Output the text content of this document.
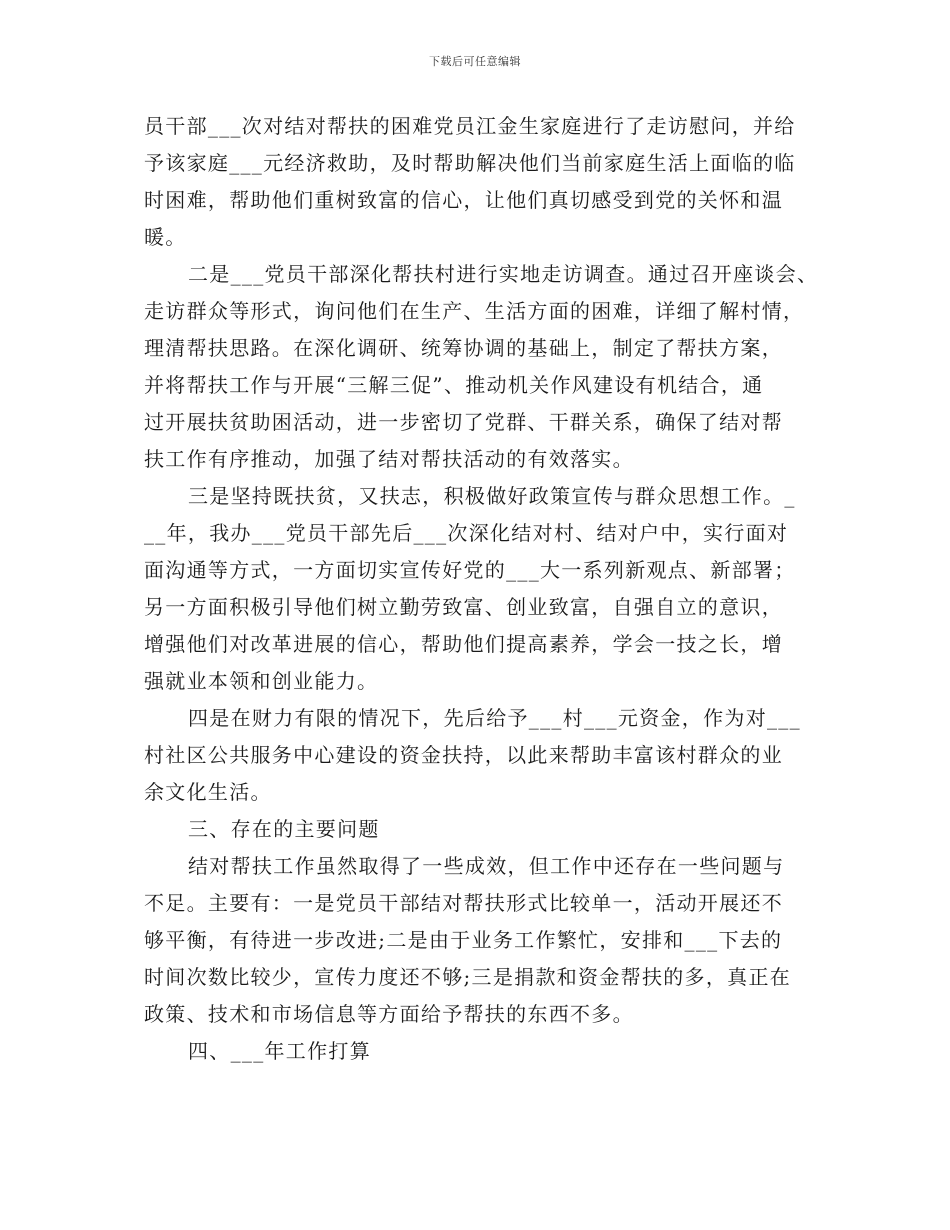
下载后可任意编辑
员干部___次对结对帮扶的困难党员江金生家庭进行了走访慰问，并给
予该家庭___元经济救助，及时帮助解决他们当前家庭生活上面临的临
时困难，帮助他们重树致富的信心，让他们真切感受到党的关怀和温
暖。
二是___党员干部深化帮扶村进行实地走访调查。通过召开座谈会、
走访群众等形式，询问他们在生产、生活方面的困难，详细了解村情，
理清帮扶思路。在深化调研、统筹协调的基础上，制定了帮扶方案，
并将帮扶工作与开展“三解三促”、推动机关作风建设有机结合，通
过开展扶贫助困活动，进一步密切了党群、干群关系，确保了结对帮
扶工作有序推动，加强了结对帮扶活动的有效落实。
三是坚持既扶贫，又扶志，积极做好政策宣传与群众思想工作。_
__年，我办___党员干部先后___次深化结对村、结对户中，实行面对
面沟通等方式，一方面切实宣传好党的___大一系列新观点、新部署；
另一方面积极引导他们树立勤劳致富、创业致富，自强自立的意识，
增强他们对改革进展的信心，帮助他们提高素养，学会一技之长，增
强就业本领和创业能力。
四是在财力有限的情况下，先后给予___村___元资金，作为对___
村社区公共服务中心建设的资金扶持，以此来帮助丰富该村群众的业
余文化生活。
三、存在的主要问题
结对帮扶工作虽然取得了一些成效，但工作中还存在一些问题与
不足。主要有：一是党员干部结对帮扶形式比较单一，活动开展还不
够平衡，有待进一步改进;二是由于业务工作繁忙，安排和___下去的
时间次数比较少，宣传力度还不够;三是捐款和资金帮扶的多，真正在
政策、技术和市场信息等方面给予帮扶的东西不多。
四、___年工作打算
